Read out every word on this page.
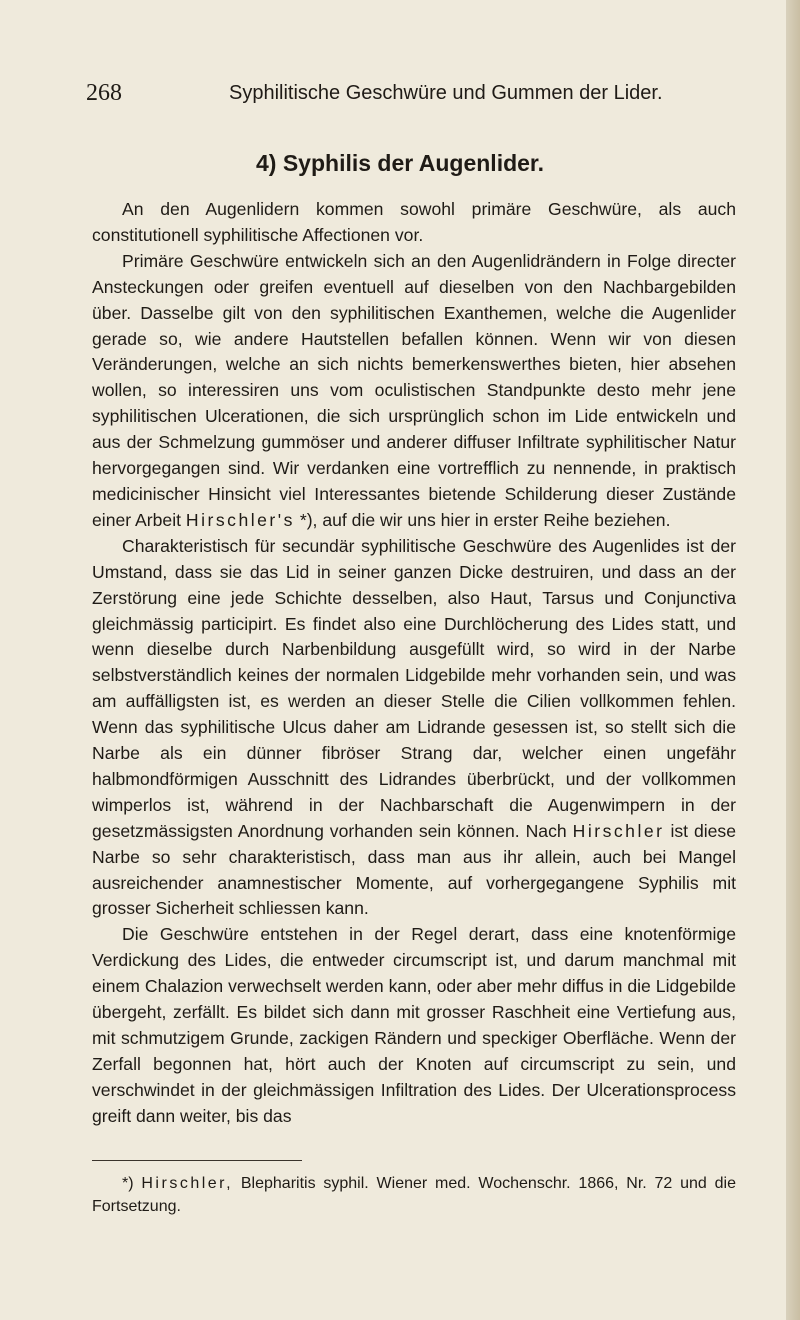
268	Syphilitische Geschwüre und Gummen der Lider.
4) Syphilis der Augenlider.

An den Augenlidern kommen sowohl primäre Geschwüre, als auch constitutionell syphilitische Affectionen vor.

Primäre Geschwüre entwickeln sich an den Augenlidrändern in Folge directer Ansteckungen oder greifen eventuell auf dieselben von den Nachbargebilden über. Dasselbe gilt von den syphilitischen Exanthemen, welche die Augenlider gerade so, wie andere Hautstellen befallen können. Wenn wir von diesen Veränderungen, welche an sich nichts bemerkenswerthes bieten, hier absehen wollen, so interessiren uns vom oculistischen Standpunkte desto mehr jene syphilitischen Ulcerationen, die sich ursprünglich schon im Lide entwickeln und aus der Schmelzung gummöser und anderer diffuser Infiltrate syphilitischer Natur hervorgegangen sind. Wir verdanken eine vortrefflich zu nennende, in praktisch medicinischer Hinsicht viel Interessantes bietende Schilderung dieser Zustände einer Arbeit Hirschler's *), auf die wir uns hier in erster Reihe beziehen.

Charakteristisch für secundär syphilitische Geschwüre des Augenlides ist der Umstand, dass sie das Lid in seiner ganzen Dicke destruiren, und dass an der Zerstörung eine jede Schichte desselben, also Haut, Tarsus und Conjunctiva gleichmässig participirt. Es findet also eine Durchlöcherung des Lides statt, und wenn dieselbe durch Narbenbildung ausgefüllt wird, so wird in der Narbe selbstverständlich keines der normalen Lidgebilde mehr vorhanden sein, und was am auffälligsten ist, es werden an dieser Stelle die Cilien vollkommen fehlen. Wenn das syphilitische Ulcus daher am Lidrande gesessen ist, so stellt sich die Narbe als ein dünner fibröser Strang dar, welcher einen ungefähr halbmondförmigen Ausschnitt des Lidrandes überbrückt, und der vollkommen wimperlos ist, während in der Nachbarschaft die Augenwimpern in der gesetzmässigsten Anordnung vorhanden sein können. Nach Hirschler ist diese Narbe so sehr charakteristisch, dass man aus ihr allein, auch bei Mangel ausreichender anamnestischer Momente, auf vorhergegangene Syphilis mit grosser Sicherheit schliessen kann.

Die Geschwüre entstehen in der Regel derart, dass eine knotenförmige Verdickung des Lides, die entweder circumscript ist, und darum manchmal mit einem Chalazion verwechselt werden kann, oder aber mehr diffus in die Lidgebilde übergeht, zerfällt. Es bildet sich dann mit grosser Raschheit eine Vertiefung aus, mit schmutzigem Grunde, zackigen Rändern und speckiger Oberfläche. Wenn der Zerfall begonnen hat, hört auch der Knoten auf circumscript zu sein, und verschwindet in der gleichmässigen Infiltration des Lides. Der Ulcerationsprocess greift dann weiter, bis das

*) Hirschler, Blepharitis syphil. Wiener med. Wochenschr. 1866, Nr. 72 und die Fortsetzung.
